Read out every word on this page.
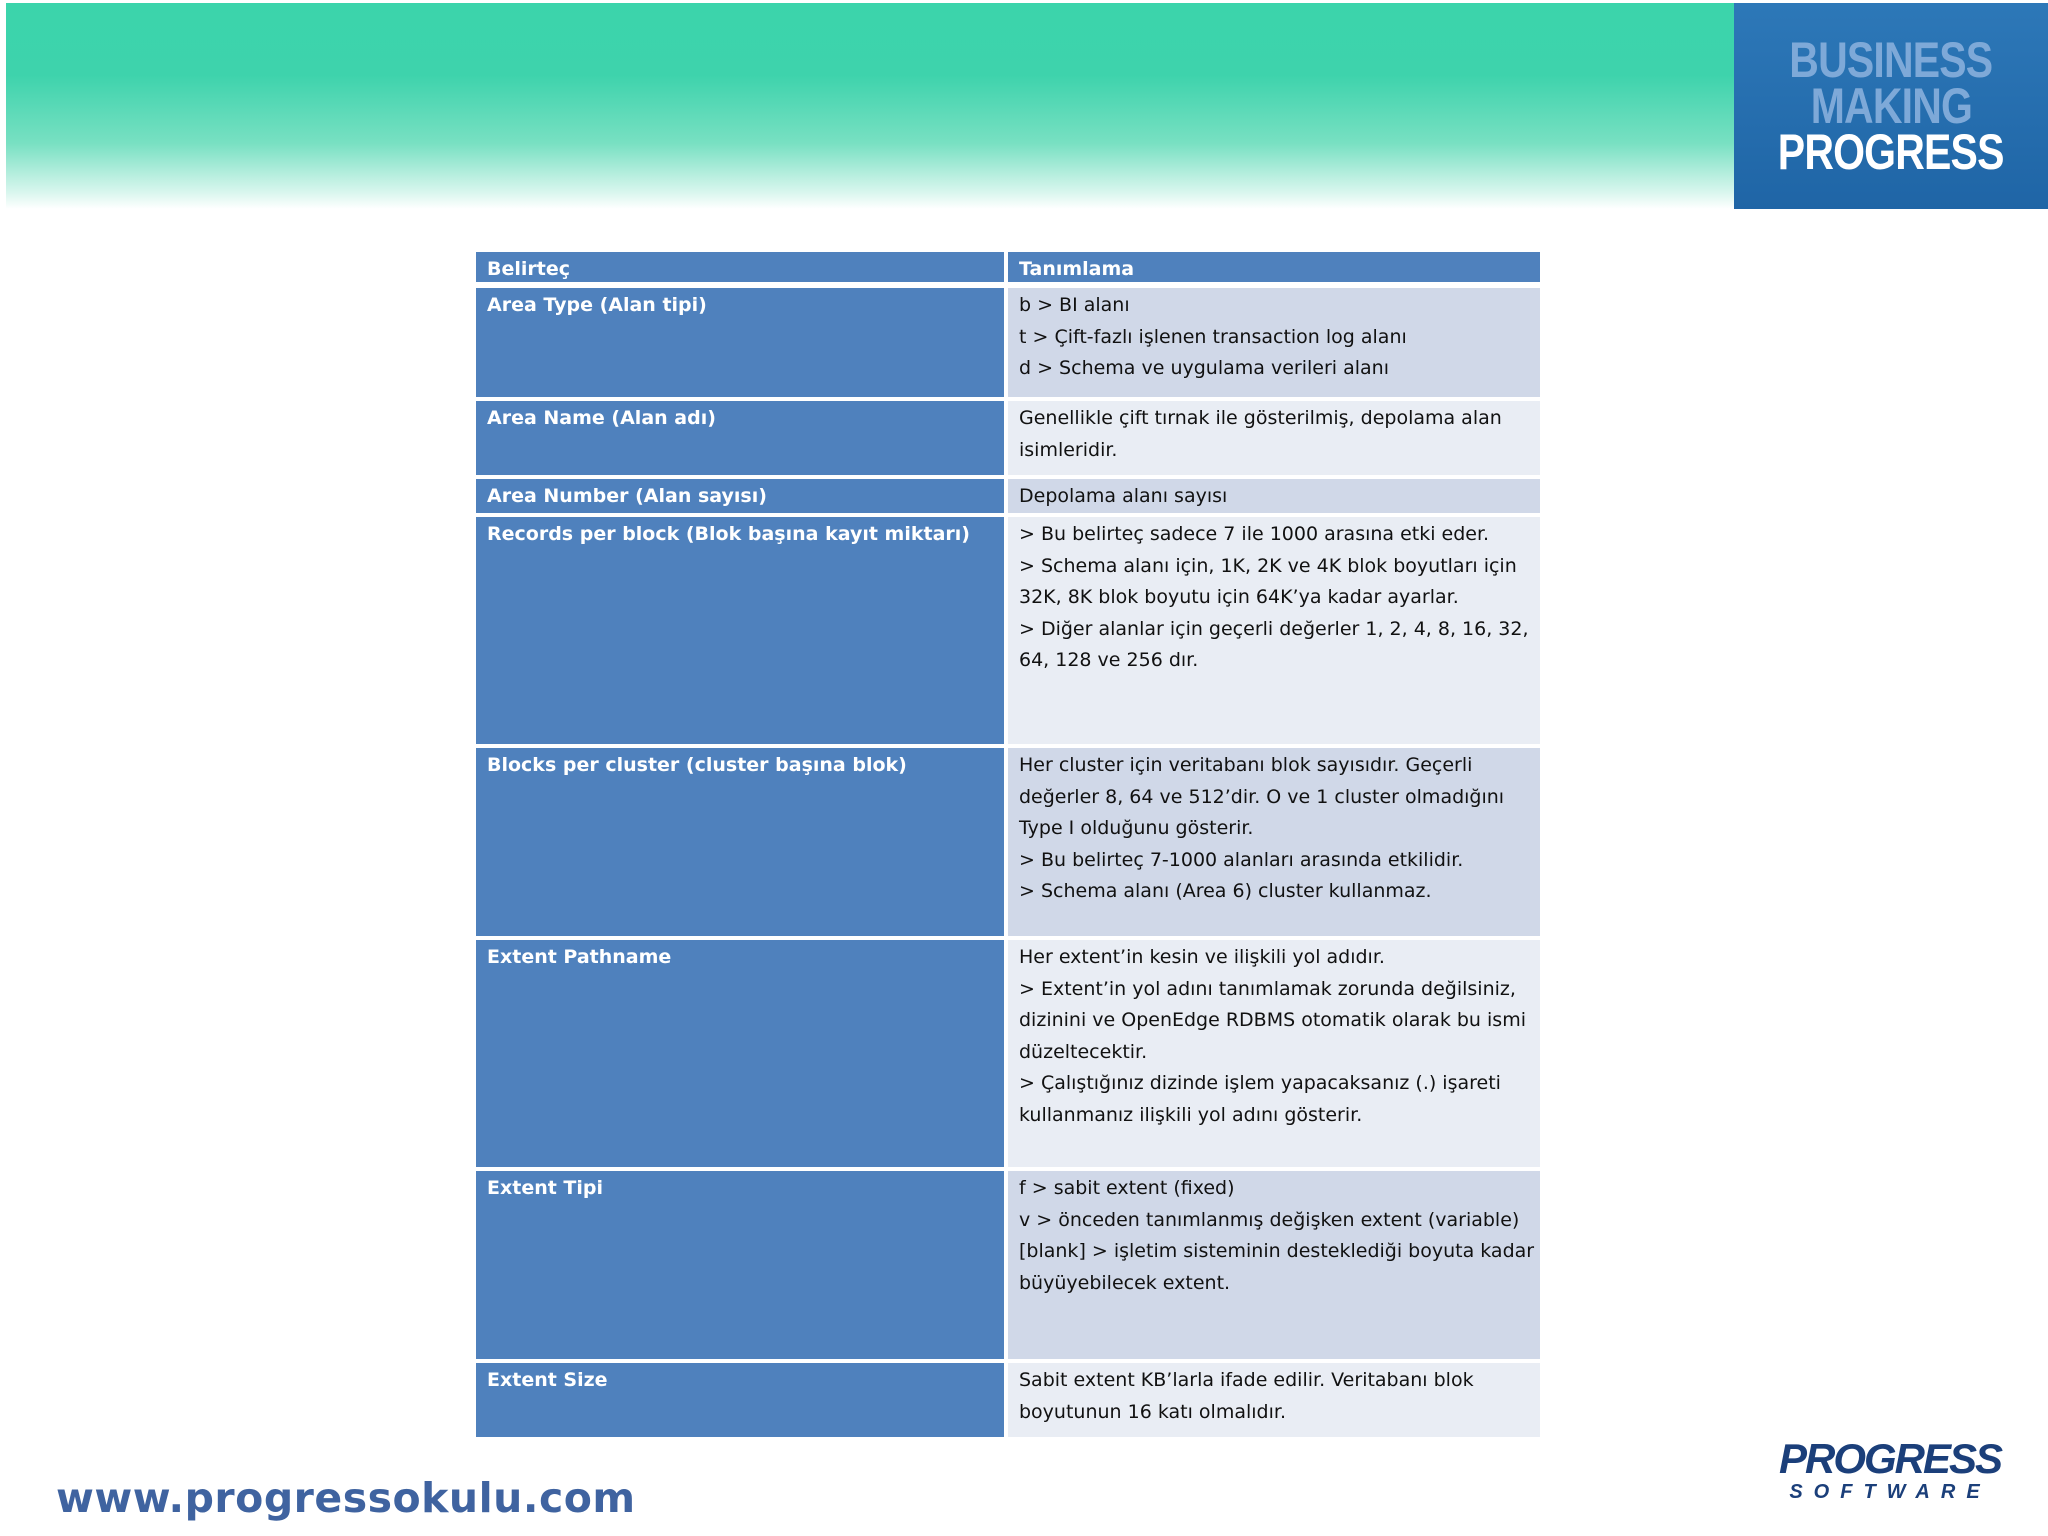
BUSINESS
MAKING
PROGRESS
Belirteç	Tanımlama
Area Type (Alan tipi)	b > BI alanı
t > Çift-fazlı işlenen transaction log alanı
d > Schema ve uygulama verileri alanı
Area Name (Alan adı)	Genellikle çift tırnak ile gösterilmiş, depolama alan
isimleridir.
Area Number (Alan sayısı)	Depolama alanı sayısı
Records per block (Blok başına kayıt miktarı)	> Bu belirteç sadece 7 ile 1000 arasına etki eder.
> Schema alanı için, 1K, 2K ve 4K blok boyutları için
32K, 8K blok boyutu için 64K’ya kadar ayarlar.
> Diğer alanlar için geçerli değerler 1, 2, 4, 8, 16, 32,
64, 128 ve 256 dır.
Blocks per cluster (cluster başına blok)	Her cluster için veritabanı blok sayısıdır. Geçerli
değerler 8, 64 ve 512’dir. O ve 1 cluster olmadığını
Type I olduğunu gösterir.
> Bu belirteç 7-1000 alanları arasında etkilidir.
> Schema alanı (Area 6) cluster kullanmaz.
Extent Pathname	Her extent’in kesin ve ilişkili yol adıdır.
> Extent’in yol adını tanımlamak zorunda değilsiniz,
dizinini ve OpenEdge RDBMS otomatik olarak bu ismi
düzeltecektir.
> Çalıştığınız dizinde işlem yapacaksanız (.) işareti
kullanmanız ilişkili yol adını gösterir.
Extent Tipi	f > sabit extent (fixed)
v > önceden tanımlanmış değişken extent (variable)
[blank] > işletim sisteminin desteklediği boyuta kadar
büyüyebilecek extent.
Extent Size	Sabit extent KB’larla ifade edilir. Veritabanı blok
boyutunun 16 katı olmalıdır.
www.progressokulu.com
PROGRESS
SOFTWARE
